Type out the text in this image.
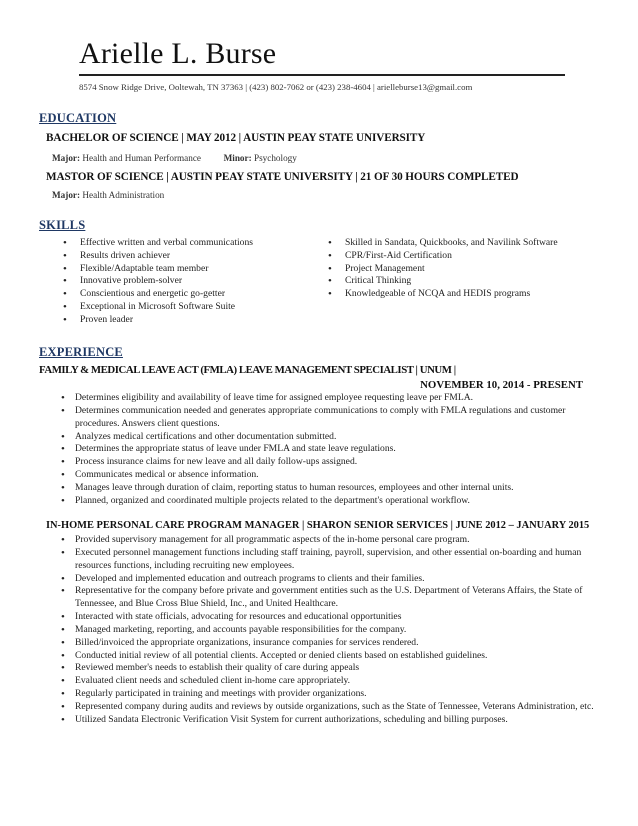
Arielle L. Burse
8574 Snow Ridge Drive, Ooltewah, TN 37363 | (423) 802-7062 or (423) 238-4604 | arielleburse13@gmail.com
EDUCATION
BACHELOR OF SCIENCE | MAY 2012 | AUSTIN PEAY STATE UNIVERSITY
Major: Health and Human Performance Minor: Psychology
MASTOR OF SCIENCE | AUSTIN PEAY STATE UNIVERSITY | 21 OF 30 HOURS COMPLETED
Major: Health Administration
SKILLS
• Effective written and verbal communications
• Results driven achiever
• Flexible/Adaptable team member
• Innovative problem-solver
• Conscientious and energetic go-getter
• Exceptional in Microsoft Software Suite
• Proven leader
• Skilled in Sandata, Quickbooks, and Navilink Software
• CPR/First-Aid Certification
• Project Management
• Critical Thinking
• Knowledgeable of NCQA and HEDIS programs
EXPERIENCE
FAMILY & MEDICAL LEAVE ACT (FMLA) LEAVE MANAGEMENT SPECIALIST | UNUM |
NOVEMBER 10, 2014 - PRESENT
• Determines eligibility and availability of leave time for assigned employee requesting leave per FMLA.
• Determines communication needed and generates appropriate communications to comply with FMLA regulations and customer procedures. Answers client questions.
• Analyzes medical certifications and other documentation submitted.
• Determines the appropriate status of leave under FMLA and state leave regulations.
• Process insurance claims for new leave and all daily follow-ups assigned.
• Communicates medical or absence information.
• Manages leave through duration of claim, reporting status to human resources, employees and other internal units.
• Planned, organized and coordinated multiple projects related to the department's operational workflow.
IN-HOME PERSONAL CARE PROGRAM MANAGER | SHARON SENIOR SERVICES | JUNE 2012 – JANUARY 2015
• Provided supervisory management for all programmatic aspects of the in-home personal care program.
• Executed personnel management functions including staff training, payroll, supervision, and other essential on-boarding and human resources functions, including recruiting new employees.
• Developed and implemented education and outreach programs to clients and their families.
• Representative for the company before private and government entities such as the U.S. Department of Veterans Affairs, the State of Tennessee, and Blue Cross Blue Shield, Inc., and United Healthcare.
• Interacted with state officials, advocating for resources and educational opportunities
• Managed marketing, reporting, and accounts payable responsibilities for the company.
• Billed/invoiced the appropriate organizations, insurance companies for services rendered.
• Conducted initial review of all potential clients. Accepted or denied clients based on established guidelines.
• Reviewed member's needs to establish their quality of care during appeals
• Evaluated client needs and scheduled client in-home care appropriately.
• Regularly participated in training and meetings with provider organizations.
• Represented company during audits and reviews by outside organizations, such as the State of Tennessee, Veterans Administration, etc.
• Utilized Sandata Electronic Verification Visit System for current authorizations, scheduling and billing purposes.
